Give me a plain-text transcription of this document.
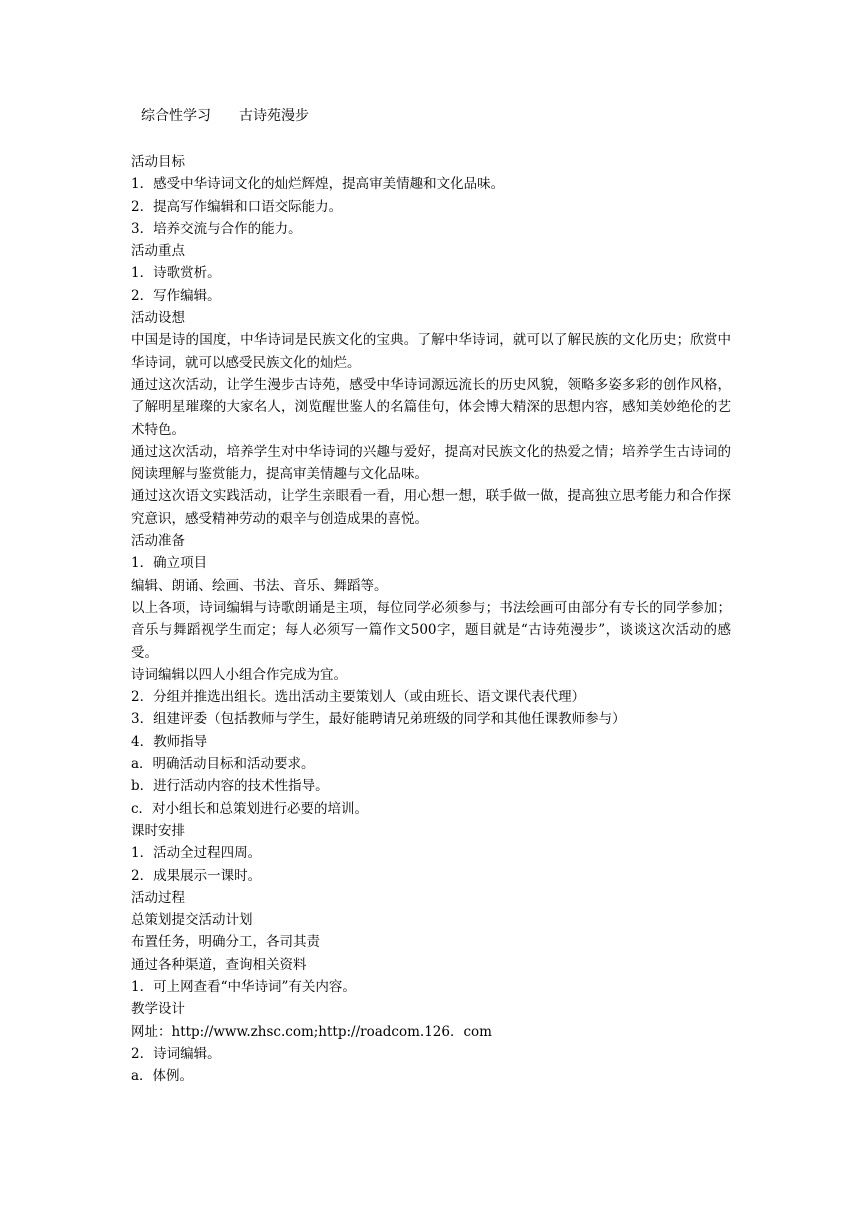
综合性学习　　古诗苑漫步

活动目标

1．感受中华诗词文化的灿烂辉煌，提高审美情趣和文化品味。

2．提高写作编辑和口语交际能力。

3．培养交流与合作的能力。

活动重点

1．诗歌赏析。

2．写作编辑。

活动设想

中国是诗的国度，中华诗词是民族文化的宝典。了解中华诗词，就可以了解民族的文化历史；欣赏中华诗词，就可以感受民族文化的灿烂。

通过这次活动，让学生漫步古诗苑，感受中华诗词源远流长的历史风貌，领略多姿多彩的创作风格，了解明星璀璨的大家名人，浏览醒世鉴人的名篇佳句，体会博大精深的思想内容，感知美妙绝伦的艺术特色。

通过这次活动，培养学生对中华诗词的兴趣与爱好，提高对民族文化的热爱之情；培养学生古诗词的阅读理解与鉴赏能力，提高审美情趣与文化品味。

通过这次语文实践活动，让学生亲眼看一看，用心想一想，联手做一做，提高独立思考能力和合作探究意识，感受精神劳动的艰辛与创造成果的喜悦。

活动准备

1．确立项目

编辑、朗诵、绘画、书法、音乐、舞蹈等。

以上各项，诗词编辑与诗歌朗诵是主项，每位同学必须参与；书法绘画可由部分有专长的同学参加；音乐与舞蹈视学生而定；每人必须写一篇作文500字，题目就是“古诗苑漫步”，谈谈这次活动的感受。

诗词编辑以四人小组合作完成为宜。

2．分组并推选出组长。选出活动主要策划人（或由班长、语文课代表代理）

3．组建评委（包括教师与学生，最好能聘请兄弟班级的同学和其他任课教师参与）

4．教师指导

a．明确活动目标和活动要求。

b．进行活动内容的技术性指导。

c．对小组长和总策划进行必要的培训。

课时安排

1．活动全过程四周。

2．成果展示一课时。

活动过程

总策划提交活动计划

布置任务，明确分工，各司其责

通过各种渠道，查询相关资料

1．可上网查看“中华诗词”有关内容。

教学设计

网址：http://www.zhsc.com;http://roadcom.126．com

2．诗词编辑。

a．体例。
